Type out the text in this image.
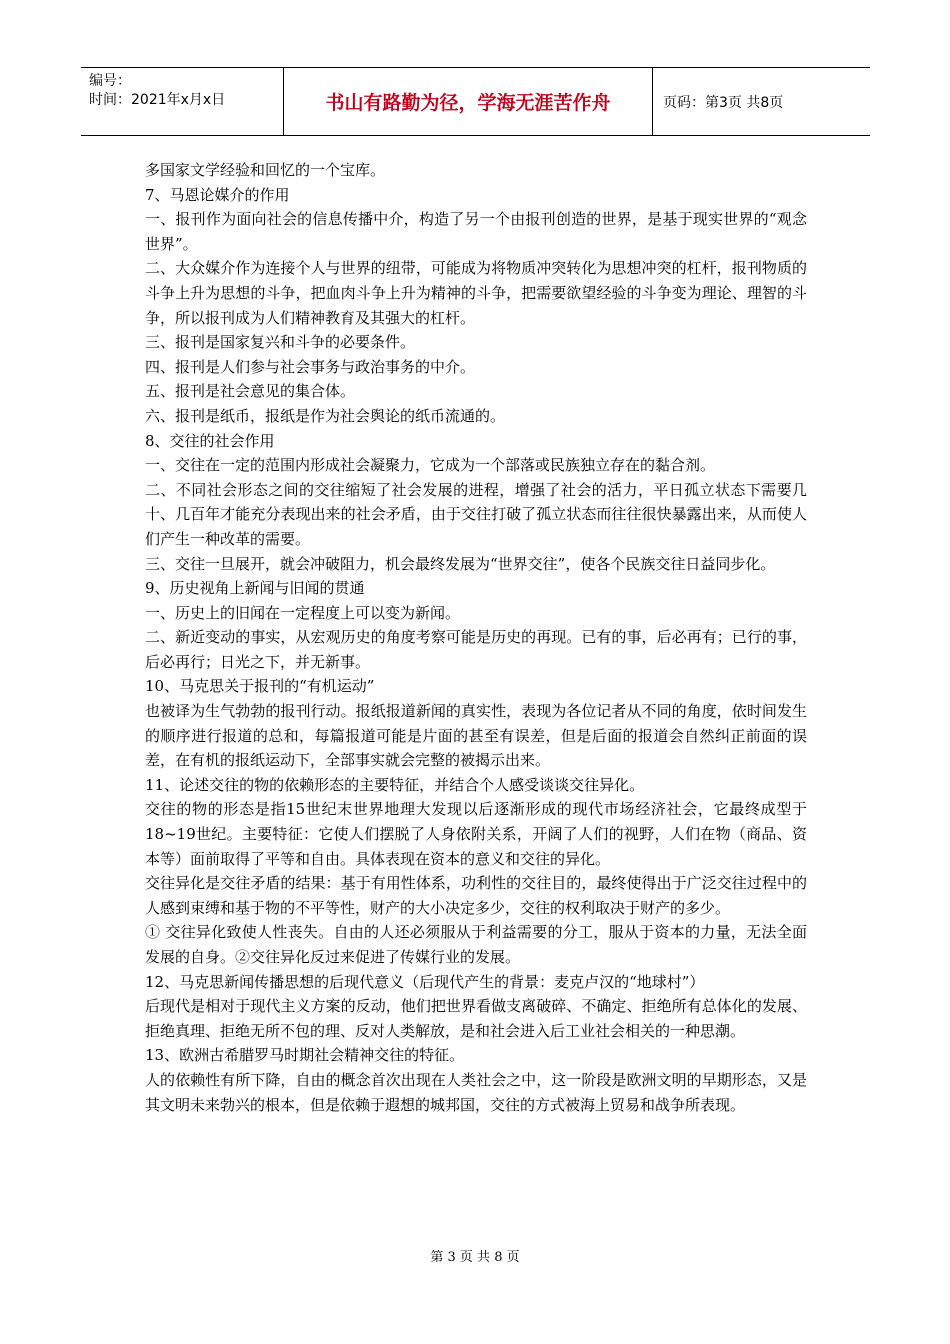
编号：
时间：2021年x月x日	书山有路勤为径，学海无涯苦作舟	页码：第3页 共8页

多国家文学经验和回忆的一个宝库。

7、马恩论媒介的作用

一、报刊作为面向社会的信息传播中介，构造了另一个由报刊创造的世界，是基于现实世界的“观念世界”。

二、大众媒介作为连接个人与世界的纽带，可能成为将物质冲突转化为思想冲突的杠杆，报刊物质的斗争上升为思想的斗争，把血肉斗争上升为精神的斗争，把需要欲望经验的斗争变为理论、理智的斗争，所以报刊成为人们精神教育及其强大的杠杆。

三、报刊是国家复兴和斗争的必要条件。

四、报刊是人们参与社会事务与政治事务的中介。

五、报刊是社会意见的集合体。

六、报刊是纸币，报纸是作为社会舆论的纸币流通的。

8、交往的社会作用

一、交往在一定的范围内形成社会凝聚力，它成为一个部落或民族独立存在的黏合剂。

二、不同社会形态之间的交往缩短了社会发展的进程，增强了社会的活力，平日孤立状态下需要几十、几百年才能充分表现出来的社会矛盾，由于交往打破了孤立状态而往往很快暴露出来，从而使人们产生一种改革的需要。

三、交往一旦展开，就会冲破阻力，机会最终发展为“世界交往”，使各个民族交往日益同步化。

9、历史视角上新闻与旧闻的贯通

一、历史上的旧闻在一定程度上可以变为新闻。

二、新近变动的事实，从宏观历史的角度考察可能是历史的再现。已有的事，后必再有；已行的事，后必再行；日光之下，并无新事。

10、马克思关于报刊的“有机运动”

也被译为生气勃勃的报刊行动。报纸报道新闻的真实性，表现为各位记者从不同的角度，依时间发生的顺序进行报道的总和，每篇报道可能是片面的甚至有误差，但是后面的报道会自然纠正前面的误差，在有机的报纸运动下，全部事实就会完整的被揭示出来。

11、论述交往的物的依赖形态的主要特征，并结合个人感受谈谈交往异化。

交往的物的形态是指15世纪末世界地理大发现以后逐渐形成的现代市场经济社会，它最终成型于18~19世纪。主要特征：它使人们摆脱了人身依附关系，开阔了人们的视野，人们在物（商品、资本等）面前取得了平等和自由。具体表现在资本的意义和交往的异化。

交往异化是交往矛盾的结果：基于有用性体系，功利性的交往目的，最终使得出于广泛交往过程中的人感到束缚和基于物的不平等性，财产的大小决定多少，交往的权利取决于财产的多少。

① 交往异化致使人性丧失。自由的人还必须服从于利益需要的分工，服从于资本的力量，无法全面发展的自身。②交往异化反过来促进了传媒行业的发展。

12、马克思新闻传播思想的后现代意义（后现代产生的背景：麦克卢汉的“地球村”）

后现代是相对于现代主义方案的反动，他们把世界看做支离破碎、不确定、拒绝所有总体化的发展、拒绝真理、拒绝无所不包的理、反对人类解放，是和社会进入后工业社会相关的一种思潮。

13、欧洲古希腊罗马时期社会精神交往的特征。

人的依赖性有所下降，自由的概念首次出现在人类社会之中，这一阶段是欧洲文明的早期形态，又是其文明未来勃兴的根本，但是依赖于遐想的城邦国，交往的方式被海上贸易和战争所表现。

第 3 页 共 8 页
